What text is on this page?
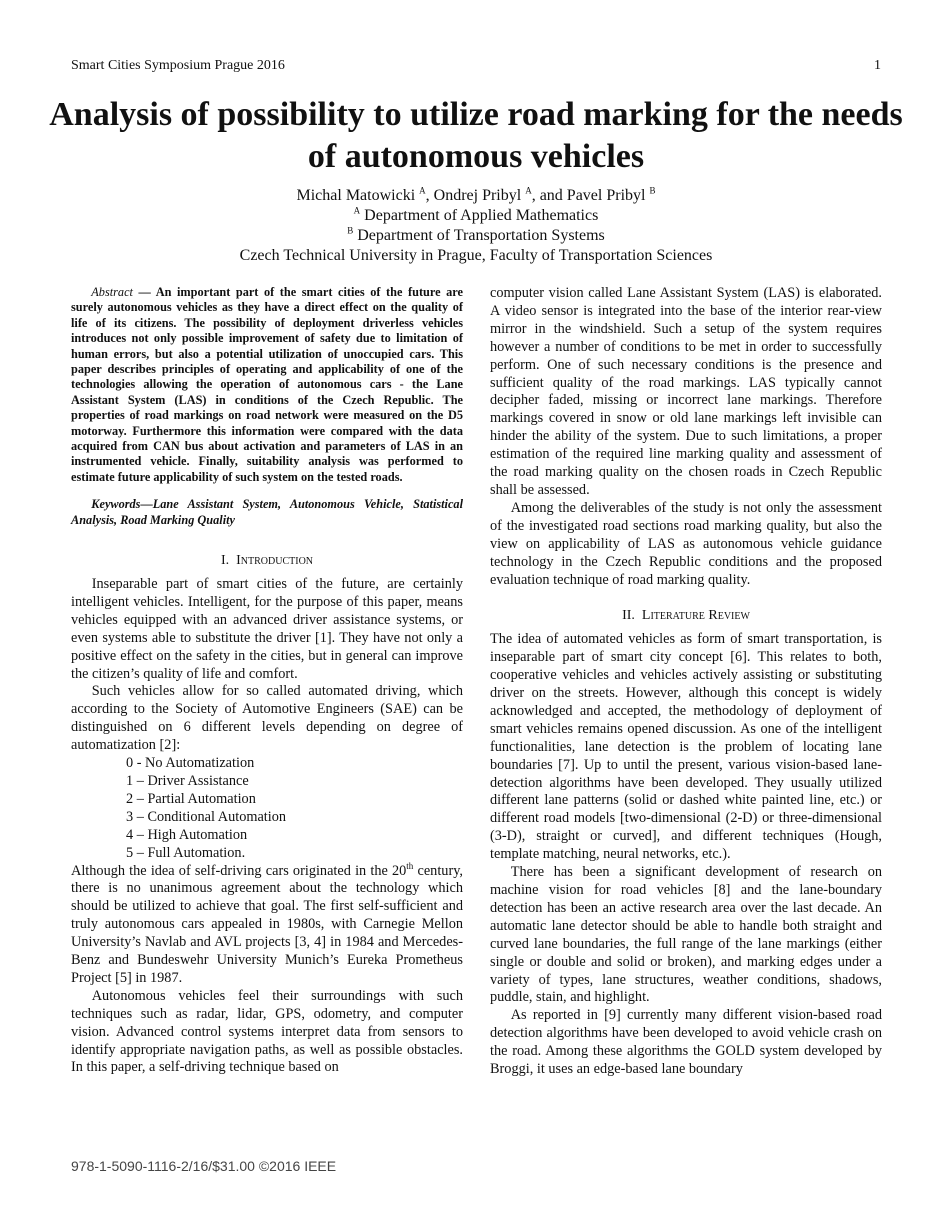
Smart Cities Symposium Prague 2016	1
Analysis of possibility to utilize road marking for the needs of autonomous vehicles
Michal Matowicki $^A$, Ondrej Pribyl $^A$, and Pavel Pribyl $^B$
$^A$ Department of Applied Mathematics
$^B$ Department of Transportation Systems
Czech Technical University in Prague, Faculty of Transportation Sciences

Abstract — An important part of the smart cities of the future are surely autonomous vehicles as they have a direct effect on the quality of life of its citizens. The possibility of deployment driverless vehicles introduces not only possible improvement of safety due to limitation of human errors, but also a potential utilization of unoccupied cars. This paper describes principles of operating and applicability of one of the technologies allowing the operation of autonomous cars - the Lane Assistant System (LAS) in conditions of the Czech Republic. The properties of road markings on road network were measured on the D5 motorway. Furthermore this information were compared with the data acquired from CAN bus about activation and parameters of LAS in an instrumented vehicle. Finally, suitability analysis was performed to estimate future applicability of such system on the tested roads.

Keywords—Lane Assistant System, Autonomous Vehicle, Statistical Analysis, Road Marking Quality

I. Introduction

Inseparable part of smart cities of the future, are certainly intelligent vehicles. Intelligent, for the purpose of this paper, means vehicles equipped with an advanced driver assistance systems, or even systems able to substitute the driver [1]. They have not only a positive effect on the safety in the cities, but in general can improve the citizen’s quality of life and comfort.

Such vehicles allow for so called automated driving, which according to the Society of Automotive Engineers (SAE) can be distinguished on 6 different levels depending on degree of automatization [2]:

0 - No Automatization
1 – Driver Assistance
2 – Partial Automation
3 – Conditional Automation
4 – High Automation
5 – Full Automation.

Although the idea of self-driving cars originated in the 20th century, there is no unanimous agreement about the technology which should be utilized to achieve that goal. The first self-sufficient and truly autonomous cars appealed in 1980s, with Carnegie Mellon University’s Navlab and AVL projects [3, 4] in 1984 and Mercedes-Benz and Bundeswehr University Munich’s Eureka Prometheus Project [5] in 1987.

Autonomous vehicles feel their surroundings with such techniques such as radar, lidar, GPS, odometry, and computer vision. Advanced control systems interpret data from sensors to identify appropriate navigation paths, as well as possible obstacles. In this paper, a self-driving technique based on

computer vision called Lane Assistant System (LAS) is elaborated. A video sensor is integrated into the base of the interior rear-view mirror in the windshield. Such a setup of the system requires however a number of conditions to be met in order to successfully perform. One of such necessary conditions is the presence and sufficient quality of the road markings. LAS typically cannot decipher faded, missing or incorrect lane markings. Therefore markings covered in snow or old lane markings left invisible can hinder the ability of the system. Due to such limitations, a proper estimation of the required line marking quality and assessment of the road marking quality on the chosen roads in Czech Republic shall be assessed.

Among the deliverables of the study is not only the assessment of the investigated road sections road marking quality, but also the view on applicability of LAS as autonomous vehicle guidance technology in the Czech Republic conditions and the proposed evaluation technique of road marking quality.

II. Literature Review

The idea of automated vehicles as form of smart transportation, is inseparable part of smart city concept [6]. This relates to both, cooperative vehicles and vehicles actively assisting or substituting driver on the streets. However, although this concept is widely acknowledged and accepted, the methodology of deployment of smart vehicles remains opened discussion. As one of the intelligent functionalities, lane detection is the problem of locating lane boundaries [7]. Up to until the present, various vision-based lane-detection algorithms have been developed. They usually utilized different lane patterns (solid or dashed white painted line, etc.) or different road models [two-dimensional (2-D) or three-dimensional (3-D), straight or curved], and different techniques (Hough, template matching, neural networks, etc.).

There has been a significant development of research on machine vision for road vehicles [8] and the lane-boundary detection has been an active research area over the last decade. An automatic lane detector should be able to handle both straight and curved lane boundaries, the full range of the lane markings (either single or double and solid or broken), and marking edges under a variety of types, lane structures, weather conditions, shadows, puddle, stain, and highlight.

As reported in [9] currently many different vision-based road detection algorithms have been developed to avoid vehicle crash on the road. Among these algorithms the GOLD system developed by Broggi, it uses an edge-based lane boundary

978-1-5090-1116-2/16/$31.00 ©2016 IEEE
